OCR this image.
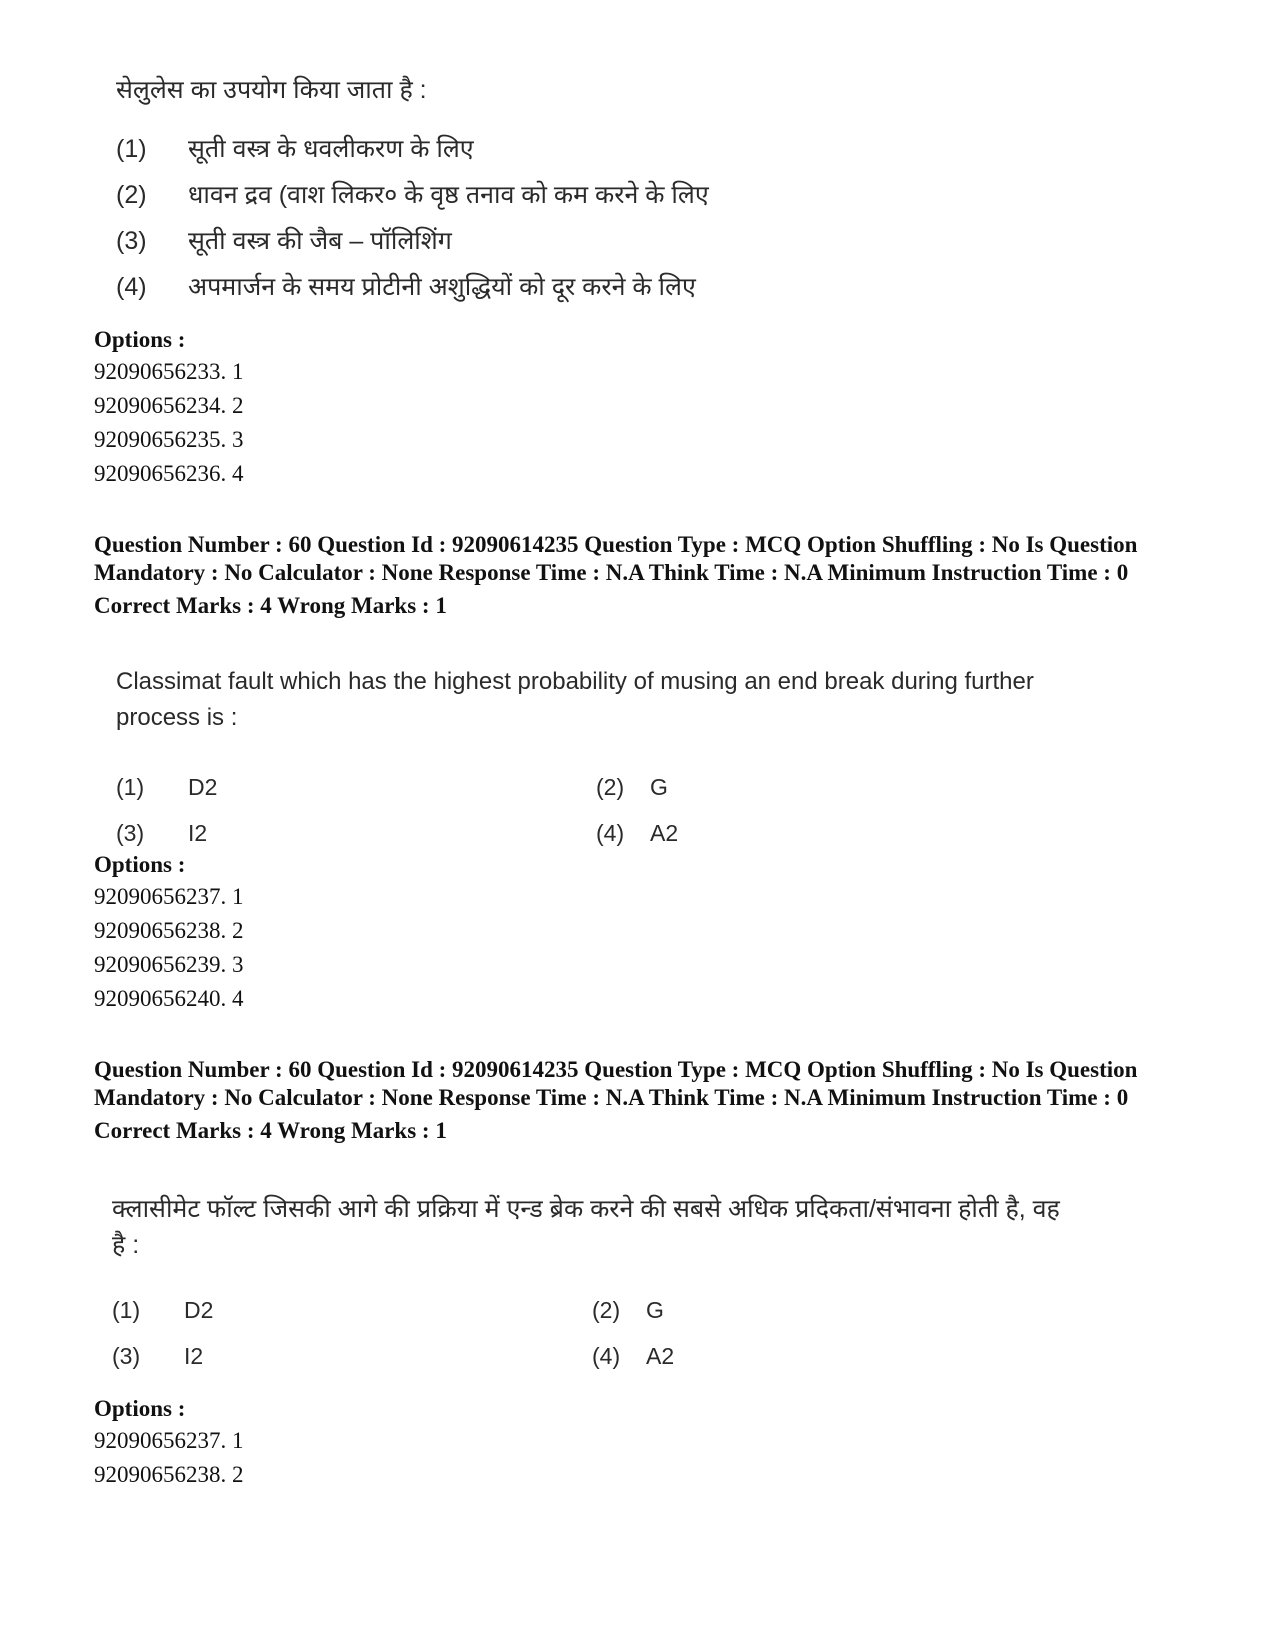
सेलुलेस का उपयोग किया जाता है :
(1)	सूती वस्त्र के धवलीकरण के लिए
(2)	धावन द्रव (वाश लिकर० के वृष्ठ तनाव को कम करने के लिए
(3)	सूती वस्त्र की जैब – पॉलिशिंग
(4)	अपमार्जन के समय प्रोटीनी अशुद्धियों को दूर करने के लिए
Options :
92090656233. 1
92090656234. 2
92090656235. 3
92090656236. 4
Question Number : 60 Question Id : 92090614235 Question Type : MCQ Option Shuffling : No Is Question Mandatory : No Calculator : None Response Time : N.A Think Time : N.A Minimum Instruction Time : 0
Correct Marks : 4 Wrong Marks : 1
Classimat fault which has the highest probability of musing an end break during further process is :
(1)	D2	(2)	G
(3)	I2	(4)	A2
Options :
92090656237. 1
92090656238. 2
92090656239. 3
92090656240. 4
Question Number : 60 Question Id : 92090614235 Question Type : MCQ Option Shuffling : No Is Question Mandatory : No Calculator : None Response Time : N.A Think Time : N.A Minimum Instruction Time : 0
Correct Marks : 4 Wrong Marks : 1
क्लासीमेट फॉल्ट जिसकी आगे की प्रक्रिया में एन्ड ब्रेक करने की सबसे अधिक प्रदिकता/संभावना होती है, वह है :
(1)	D2	(2)	G
(3)	I2	(4)	A2
Options :
92090656237. 1
92090656238. 2
